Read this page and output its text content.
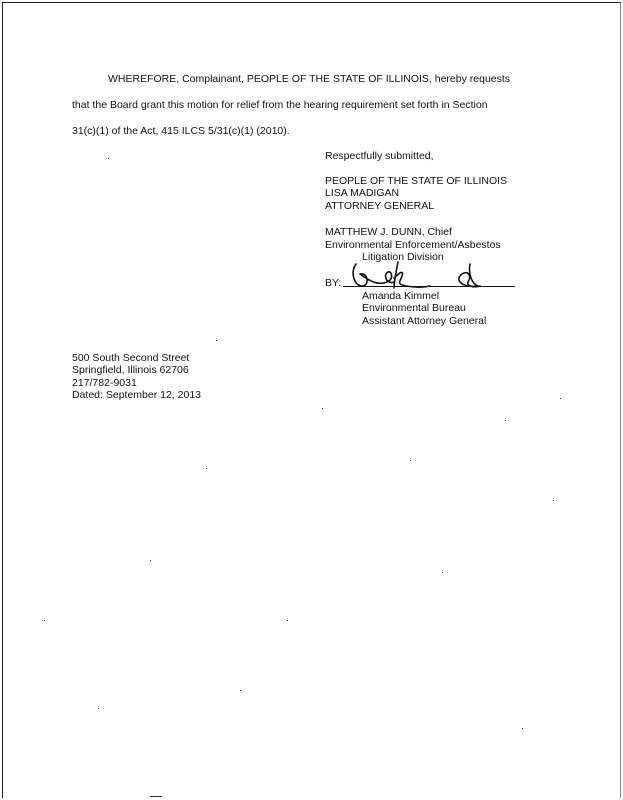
WHEREFORE, Complainant, PEOPLE OF THE STATE OF ILLINOIS, hereby requests
that the Board grant this motion for relief from the hearing requirement set forth in Section
31(c)(1) of the Act, 415 ILCS 5/31(c)(1) (2010).
Respectfully submitted,
PEOPLE OF THE STATE OF ILLINOIS
LISA MADIGAN
ATTORNEY GENERAL
MATTHEW J. DUNN, Chief
Environmental Enforcement/Asbestos
Litigation Division
BY:
Amanda Kimmel
Environmental Bureau
Assistant Attorney General
500 South Second Street
Springfield, Illinois 62706
217/782-9031
Dated: September 12, 2013
